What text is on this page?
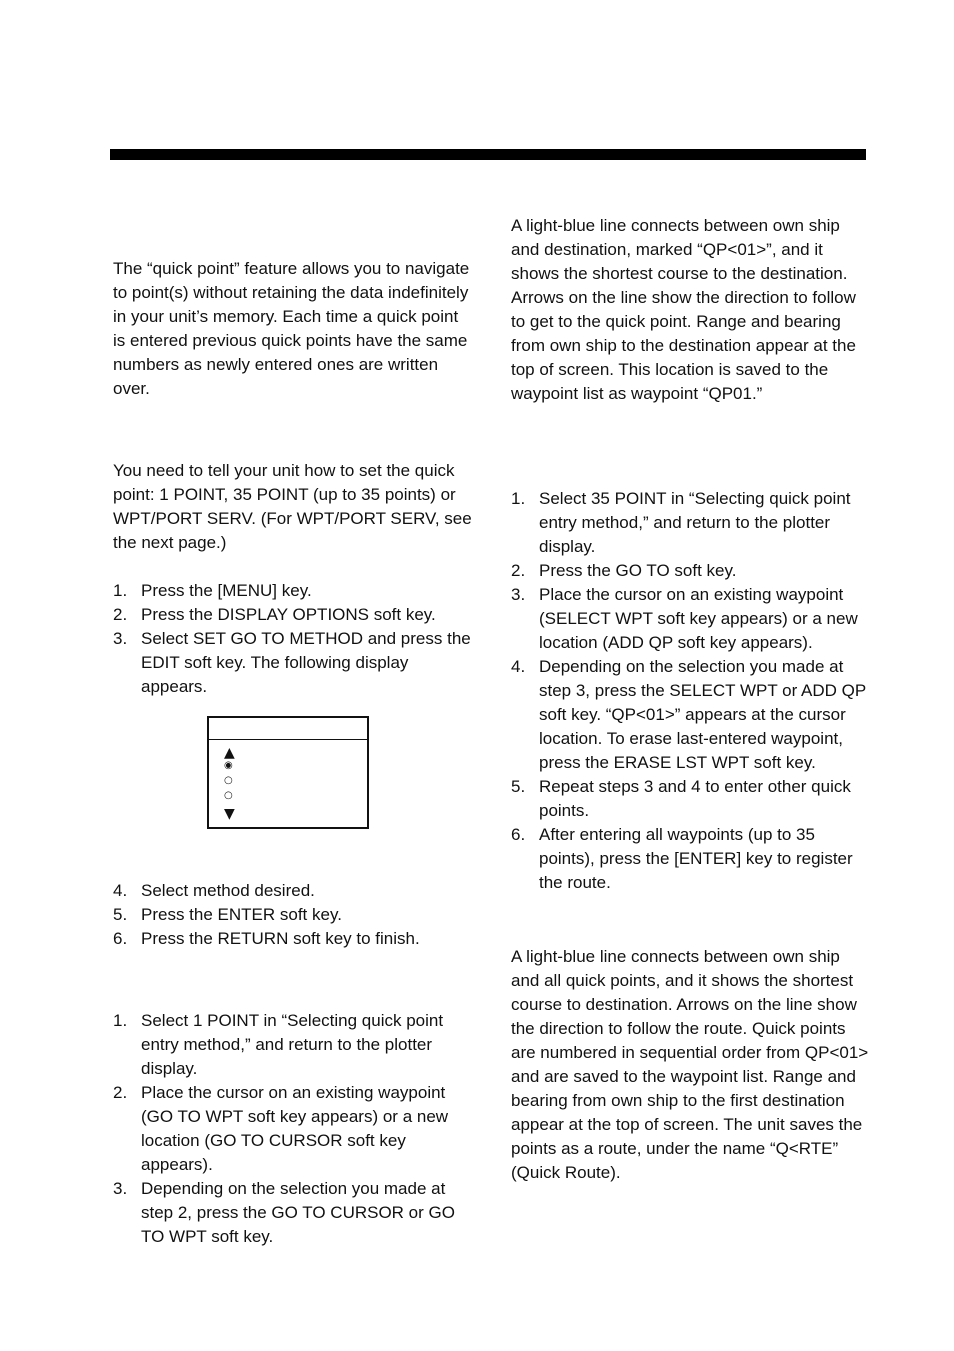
The “quick point” feature allows you to navigate to point(s) without retaining the data indefinitely in your unit’s memory. Each time a quick point is entered previous quick points have the same numbers as newly entered ones are written over.

You need to tell your unit how to set the quick point: 1 POINT, 35 POINT (up to 35 points) or WPT/PORT SERV. (For WPT/PORT SERV, see the next page.)

1. Press the [MENU] key.
2. Press the DISPLAY OPTIONS soft key.
3. Select SET GO TO METHOD and press the EDIT soft key. The following display appears.
▲
◉
○
○
▼
4. Select method desired.
5. Press the ENTER soft key.
6. Press the RETURN soft key to finish.
1. Select 1 POINT in “Selecting quick point entry method,” and return to the plotter display.
2. Place the cursor on an existing waypoint (GO TO WPT soft key appears) or a new location (GO TO CURSOR soft key appears).
3. Depending on the selection you made at step 2, press the GO TO CURSOR or GO TO WPT soft key.

A light-blue line connects between own ship and destination, marked “QP<01>”, and it shows the shortest course to the destination. Arrows on the line show the direction to follow to get to the quick point. Range and bearing from own ship to the destination appear at the top of screen. This location is saved to the waypoint list as waypoint “QP01.”

1. Select 35 POINT in “Selecting quick point entry method,” and return to the plotter display.
2. Press the GO TO soft key.
3. Place the cursor on an existing waypoint (SELECT WPT soft key appears) or a new location (ADD QP soft key appears).
4. Depending on the selection you made at step 3, press the SELECT WPT or ADD QP soft key. “QP<01>” appears at the cursor location. To erase last-entered waypoint, press the ERASE LST WPT soft key.
5. Repeat steps 3 and 4 to enter other quick points.
6. After entering all waypoints (up to 35 points), press the [ENTER] key to register the route.

A light-blue line connects between own ship and all quick points, and it shows the shortest course to destination. Arrows on the line show the direction to follow the route. Quick points are numbered in sequential order from QP<01> and are saved to the waypoint list. Range and bearing from own ship to the first destination appear at the top of screen. The unit saves the points as a route, under the name “Q<RTE” (Quick Route).
